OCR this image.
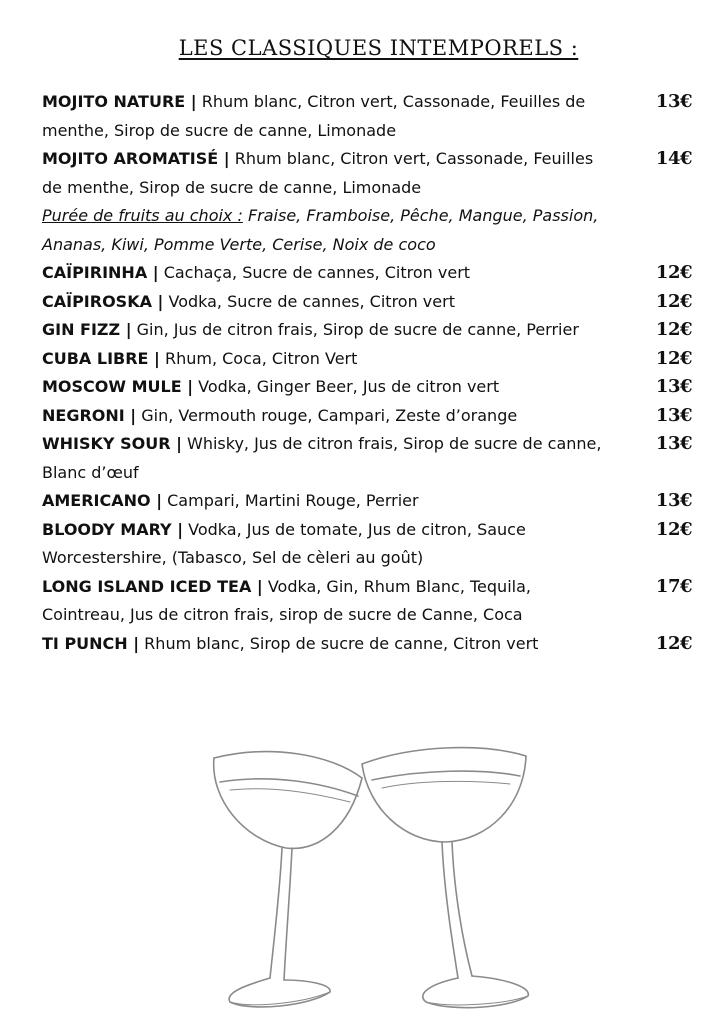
LES CLASSIQUES INTEMPORELS :
MOJITO NATURE | Rhum blanc, Citron vert, Cassonade, Feuilles de menthe, Sirop de sucre de canne, Limonade
13€
MOJITO AROMATISÉ | Rhum blanc, Citron vert, Cassonade, Feuilles de menthe, Sirop de sucre de canne, Limonade
14€
Purée de fruits au choix : Fraise, Framboise, Pêche, Mangue, Passion, Ananas, Kiwi, Pomme Verte, Cerise, Noix de coco
CAÏPIRINHA | Cachaça, Sucre de cannes, Citron vert	12€
CAÏPIROSKA | Vodka, Sucre de cannes, Citron vert	12€
GIN FIZZ | Gin, Jus de citron frais, Sirop de sucre de canne, Perrier	12€
CUBA LIBRE | Rhum, Coca, Citron Vert	12€
MOSCOW MULE | Vodka, Ginger Beer, Jus de citron vert	13€
NEGRONI | Gin, Vermouth rouge, Campari, Zeste d’orange	13€
WHISKY SOUR | Whisky, Jus de citron frais, Sirop de sucre de canne, Blanc d’œuf
13€
AMERICANO | Campari, Martini Rouge, Perrier	13€
BLOODY MARY | Vodka, Jus de tomate, Jus de citron, Sauce Worcestershire, (Tabasco, Sel de cèleri au goût)
12€
LONG ISLAND ICED TEA | Vodka, Gin, Rhum Blanc, Tequila, Cointreau, Jus de citron frais, sirop de sucre de Canne, Coca
17€
TI PUNCH | Rhum blanc, Sirop de sucre de canne, Citron vert	12€
